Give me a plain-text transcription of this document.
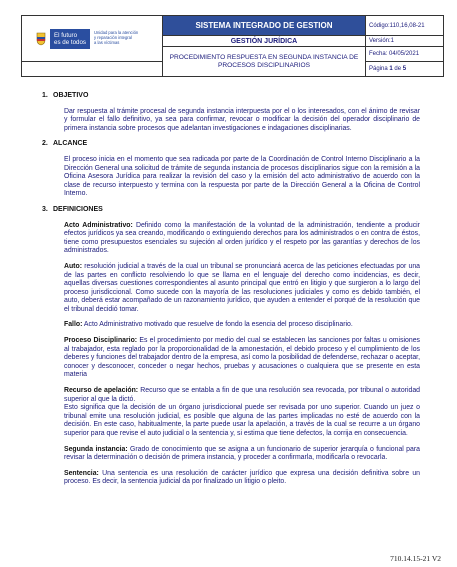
El futuro
es de todos
Unidad para la atención
y reparación integral
a las víctimas	SISTEMA INTEGRADO DE GESTION	Código:110,16,08-21
	GESTIÓN JURÍDICA	Versión:1
	PROCEDIMIENTO RESPUESTA EN SEGUNDA INSTANCIA DE PROCESOS DISCIPLINARIOS	Fecha: 04/05/2021
		Página 1 de 5
1. OBJETIVO

Dar respuesta al trámite procesal de segunda instancia interpuesta por el o los interesados, con el ánimo de revisar y formular el fallo definitivo, ya sea para confirmar, revocar o modificar la decisión del operador disciplinario de primera instancia sobre procesos que adelantan investigaciones e indagaciones disciplinarias.

2. ALCANCE

El proceso inicia en el momento que sea radicada por parte de la Coordinación de Control Interno Disciplinario a la Dirección General una solicitud de trámite de segunda instancia de procesos disciplinarios sigue con la remisión a la Oficina Asesora Jurídica para realizar la revisión del caso y la emisión del acto administrativo de acuerdo con la clase de recurso interpuesto y termina con la respuesta por parte de la Dirección General a la Oficina de Control Interno.

3. DEFINICIONES

Acto Administrativo: Definido como la manifestación de la voluntad de la administración, tendiente a producir efectos jurídicos ya sea creando, modificando o extinguiendo derechos para los administrados o en contra de éstos, tiene como presupuestos esenciales su sujeción al orden jurídico y el respeto por las garantías y derechos de los administrados.

Auto: resolución judicial a través de la cual un tribunal se pronunciará acerca de las peticiones efectuadas por una de las partes en conflicto resolviendo lo que se llama en el lenguaje del derecho como incidencias, es decir, aquellas diversas cuestiones correspondientes al asunto principal que entró en litigio y que surgieron a lo largo del proceso jurisdiccional. Como sucede con la mayoría de las resoluciones judiciales y como es debido también, el auto, deberá estar acompañado de un razonamiento jurídico, que ayuden a entender el porqué de la resolución que el tribunal decidió tomar.

Fallo: Acto Administrativo motivado que resuelve de fondo la esencia del proceso disciplinario.

Proceso Disciplinario: Es el procedimiento por medio del cual se establecen las sanciones por faltas u omisiones al trabajador, esta reglado por la proporcionalidad de la amonestación, el debido proceso y el cumplimiento de los deberes y funciones del trabajador dentro de la empresa, así como la posibilidad de defenderse, rechazar o aceptar, conocer y desconocer, conceder o negar hechos, pruebas y acusaciones o cualquiera que se presente en esta materia

Recurso de apelación: Recurso que se entabla a fin de que una resolución sea revocada, por tribunal o autoridad superior al que la dictó.
Esto significa que la decisión de un órgano jurisdiccional puede ser revisada por uno superior. Cuando un juez o tribunal emite una resolución judicial, es posible que alguna de las partes implicadas no esté de acuerdo con la decisión. En este caso, habitualmente, la parte puede usar la apelación, a través de la cual se recurre a un órgano superior para que revise el auto judicial o la sentencia y, si estima que tiene defectos, la corrija en consecuencia.

Segunda instancia: Grado de conocimiento que se asigna a un funcionario de superior jerarquía o funcional para revisar la determinación o decisión de primera instancia, y proceder a confirmarla, modificarla o revocarla.

Sentencia: Una sentencia es una resolución de carácter jurídico que expresa una decisión definitiva sobre un proceso. Es decir, la sentencia judicial da por finalizado un litigio o pleito.

710.14.15-21 V2
